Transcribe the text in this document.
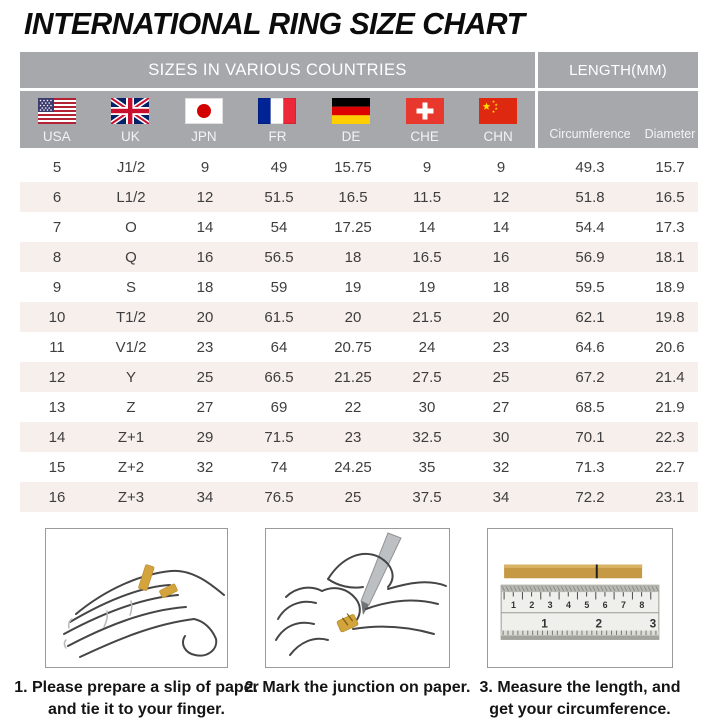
INTERNATIONAL RING SIZE CHART
SIZES IN VARIOUS COUNTRIES	LENGTH(MM)
USA	UK	JPN	FR	DE	CHE	CHN	Circumference	Diameter
5	J1/2	9	49	15.75	9	9	49.3	15.7
6	L1/2	12	51.5	16.5	11.5	12	51.8	16.5
7	O	14	54	17.25	14	14	54.4	17.3
8	Q	16	56.5	18	16.5	16	56.9	18.1
9	S	18	59	19	19	18	59.5	18.9
10	T1/2	20	61.5	20	21.5	20	62.1	19.8
11	V1/2	23	64	20.75	24	23	64.6	20.6
12	Y	25	66.5	21.25	27.5	25	67.2	21.4
13	Z	27	69	22	30	27	68.5	21.9
14	Z+1	29	71.5	23	32.5	30	70.1	22.3
15	Z+2	32	74	24.25	35	32	71.3	22.7
16	Z+3	34	76.5	25	37.5	34	72.2	23.1
1. Please prepare a slip of paper
and tie it to your finger.
2. Mark the junction on paper.
1 2 3 4 5 6 7 8
1	2	3
3. Measure the length, and
get your circumference.
